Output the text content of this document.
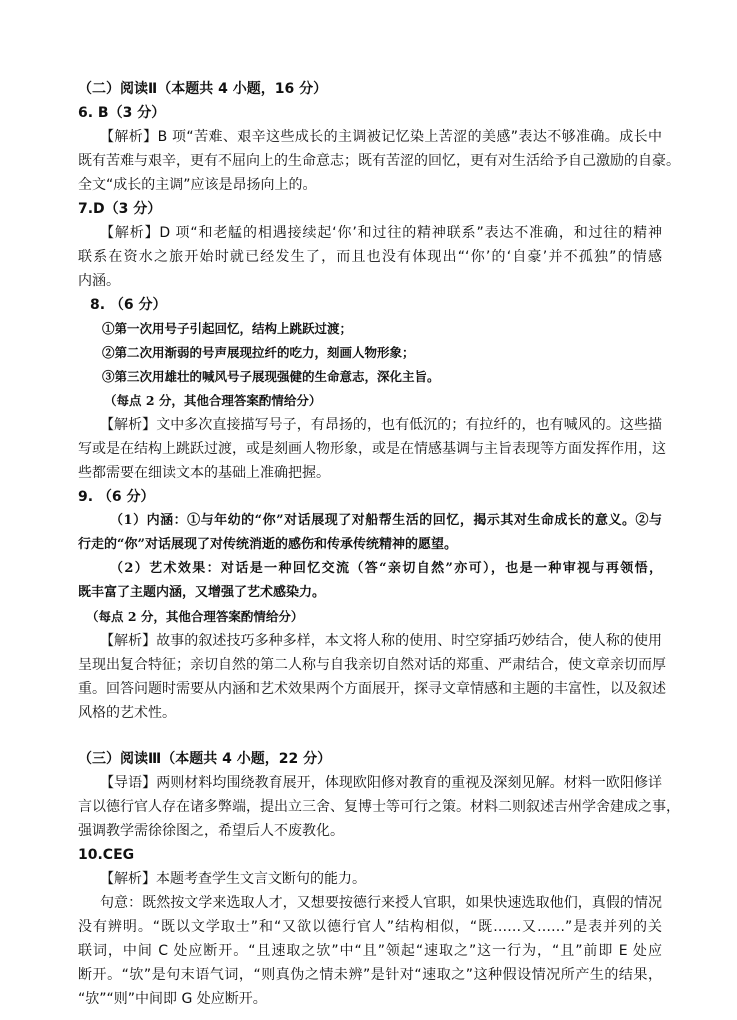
（二）阅读Ⅱ（本题共 4 小题，16 分）
6. B（3 分）
【解析】B 项“苦难、艰辛这些成长的主调被记忆染上苦涩的美感”表达不够准确。成长中
既有苦难与艰辛，更有不屈向上的生命意志；既有苦涩的回忆，更有对生活给予自己激励的自豪。
全文“成长的主调”应该是昂扬向上的。
7.D（3 分）
【解析】D 项“和老艋的相遇接续起‘你’和过往的精神联系”表达不准确，和过往的精神
联系在资水之旅开始时就已经发生了，而且也没有体现出“‘你’的‘自豪’并不孤独”的情感
内涵。
8. （6 分）
①第一次用号子引起回忆，结构上跳跃过渡；
②第二次用渐弱的号声展现拉纤的吃力，刻画人物形象；
③第三次用雄壮的喊风号子展现强健的生命意志，深化主旨。
（每点 2 分，其他合理答案酌情给分）
【解析】文中多次直接描写号子，有昂扬的，也有低沉的；有拉纤的，也有喊风的。这些描
写或是在结构上跳跃过渡，或是刻画人物形象，或是在情感基调与主旨表现等方面发挥作用，这
些都需要在细读文本的基础上准确把握。
9. （6 分）
（1）内涵：①与年幼的“你”对话展现了对船帮生活的回忆，揭示其对生命成长的意义。②与
行走的“你”对话展现了对传统消逝的感伤和传承传统精神的愿望。
（2）艺术效果：对话是一种回忆交流（答“亲切自然”亦可），也是一种审视与再领悟，
既丰富了主题内涵，又增强了艺术感染力。
（每点 2 分，其他合理答案酌情给分）
【解析】故事的叙述技巧多种多样，本文将人称的使用、时空穿插巧妙结合，使人称的使用
呈现出复合特征；亲切自然的第二人称与自我亲切自然对话的郑重、严肃结合，使文章亲切而厚
重。回答问题时需要从内涵和艺术效果两个方面展开，探寻文章情感和主题的丰富性，以及叙述
风格的艺术性。
（三）阅读Ⅲ（本题共 4 小题，22 分）
【导语】两则材料均围绕教育展开，体现欧阳修对教育的重视及深刻见解。材料一欧阳修详
言以德行官人存在诸多弊端，提出立三舍、复博士等可行之策。材料二则叙述吉州学舍建成之事，
强调教学需徐徐图之，希望后人不废教化。
10.CEG
【解析】本题考查学生文言文断句的能力。
句意：既然按文学来选取人才，又想要按德行来授人官职，如果快速选取他们，真假的情况
没有辨明。“既以文学取士”和“又欲以德行官人”结构相似，“既……又……”是表并列的关
联词，中间 C 处应断开。“且速取之欤”中“且”领起“速取之”这一行为，“且”前即 E 处应
断开。“欤”是句末语气词，“则真伪之情未辨”是针对“速取之”这种假设情况所产生的结果，
“欤”“则”中间即 G 处应断开。
